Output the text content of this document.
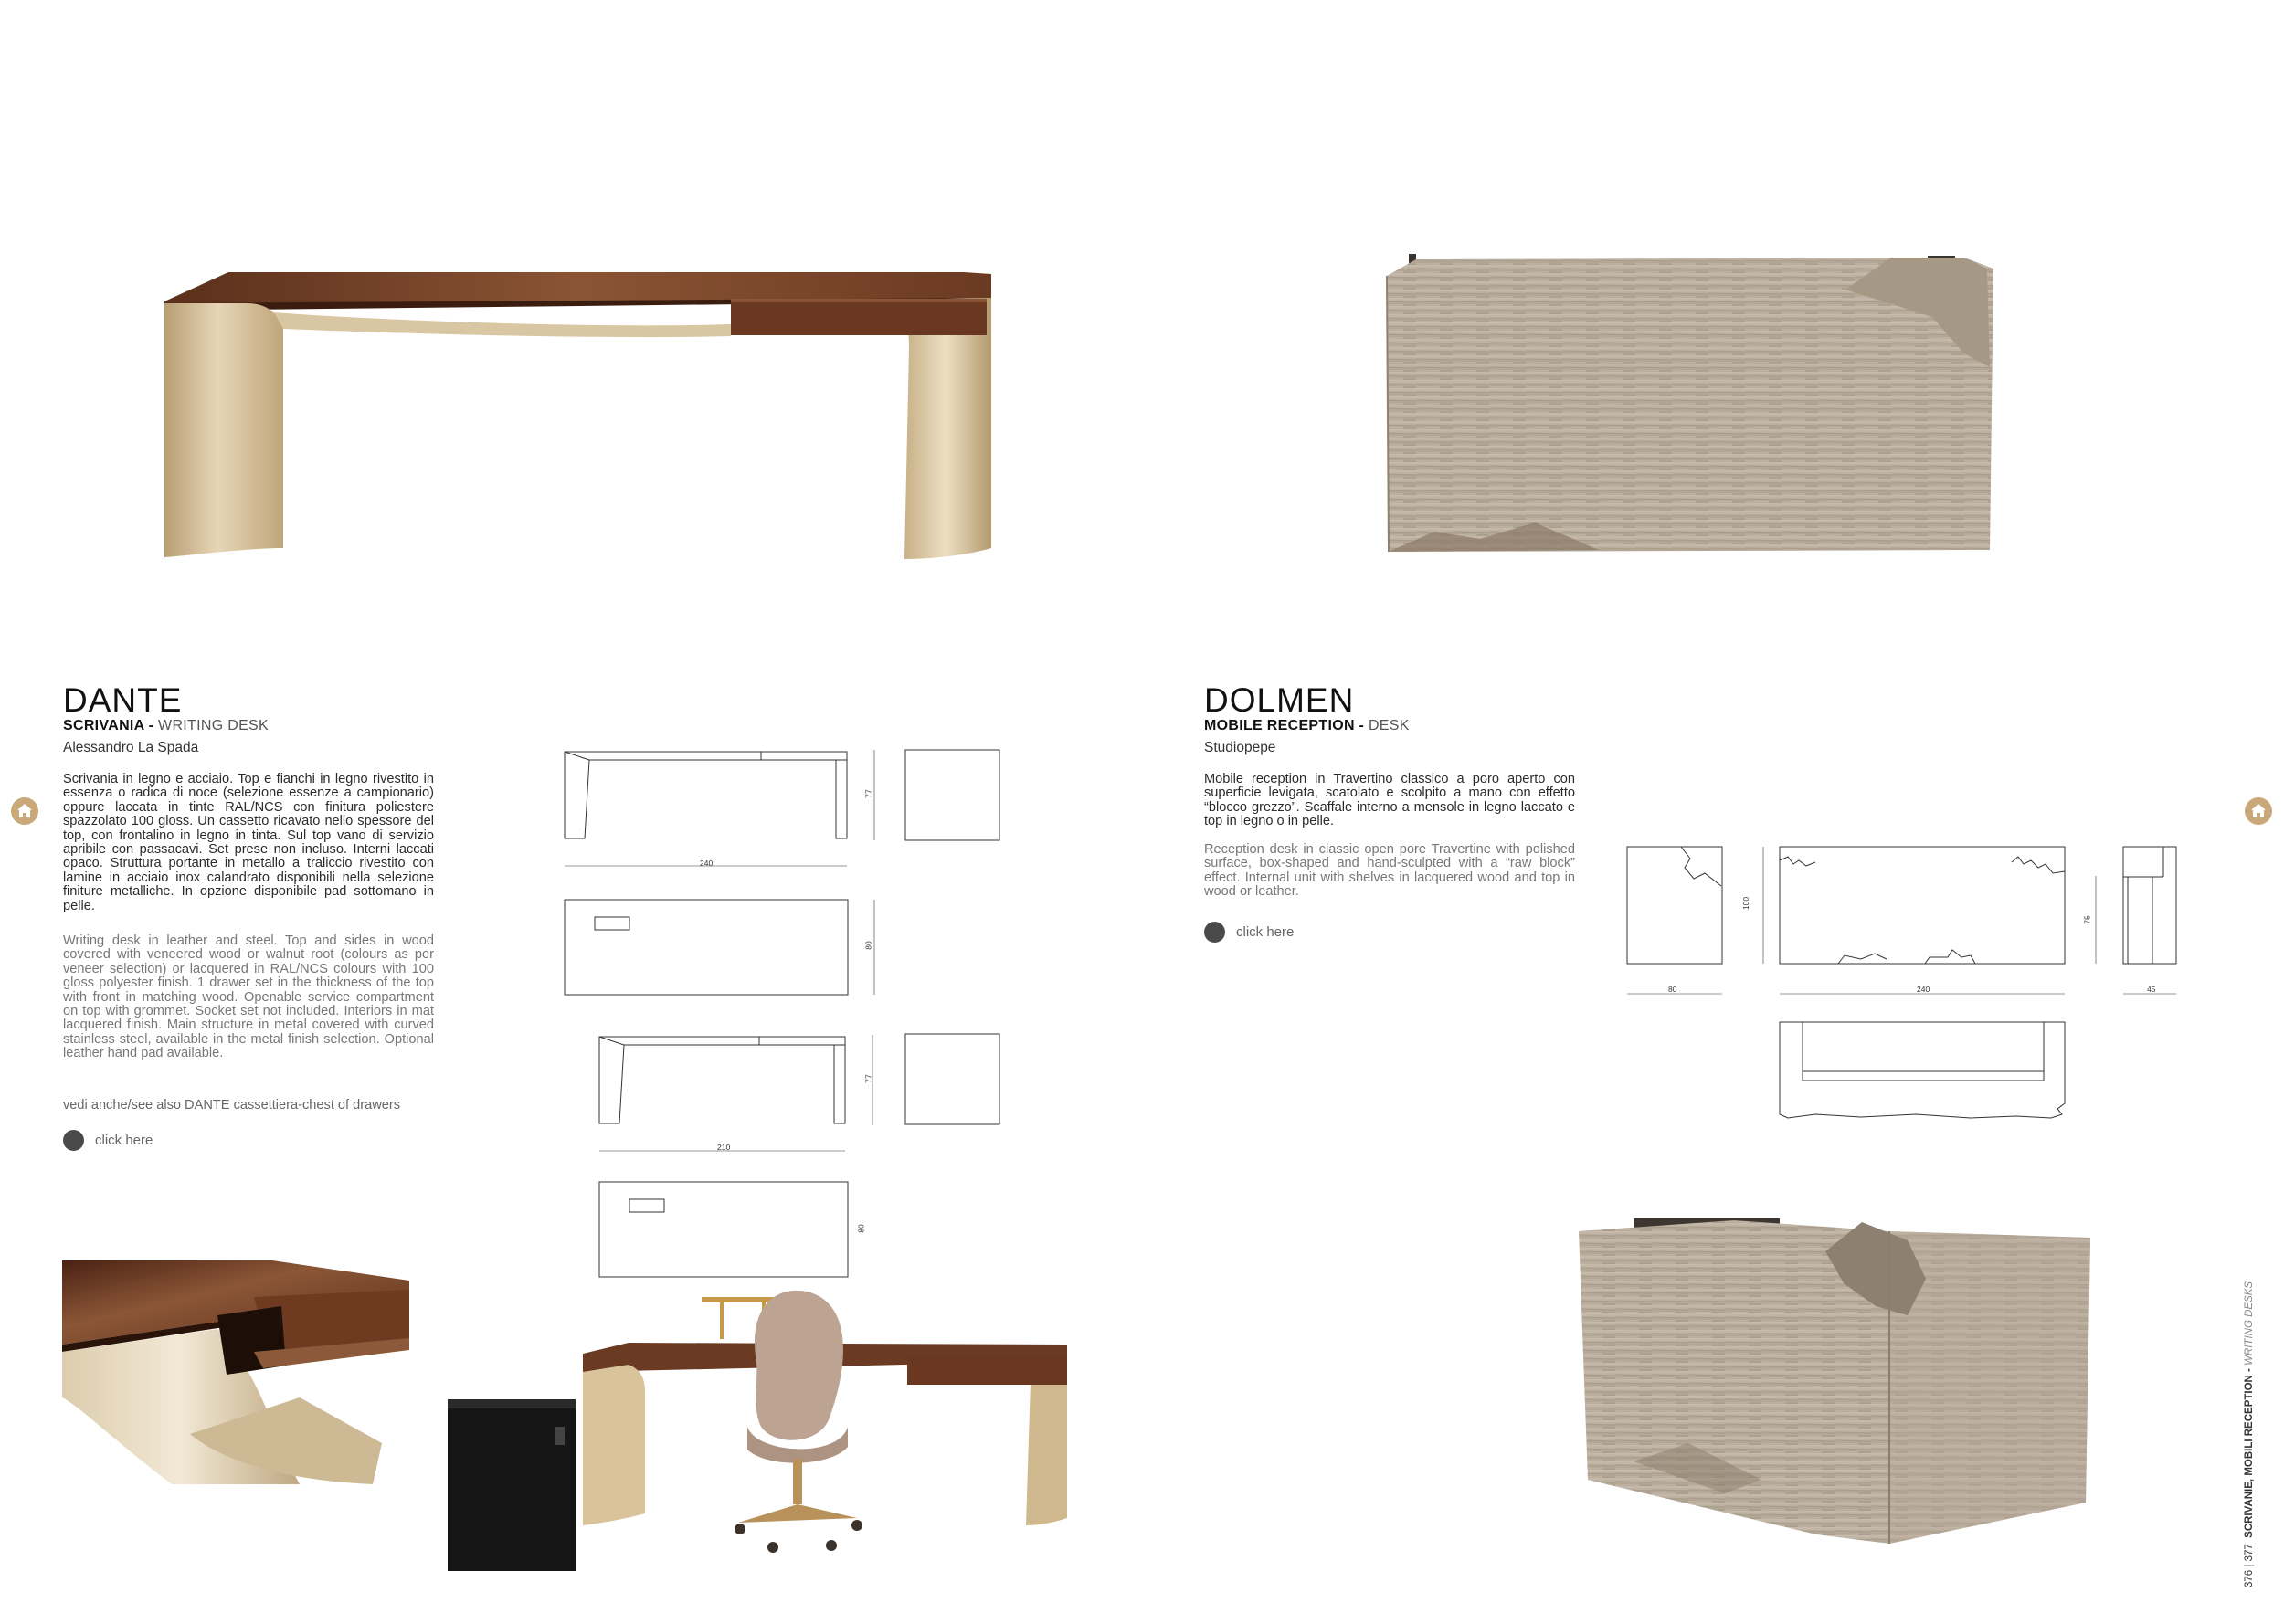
DANTE
SCRIVANIA - WRITING DESK
Alessandro La Spada
Scrivania in legno e acciaio. Top e fianchi in legno rivestito in essenza o radica di noce (selezione essenze a campionario) oppure laccata in tinte RAL/NCS con finitura poliestere spazzolato 100 gloss. Un cassetto ricavato nello spessore del top, con frontalino in legno in tinta. Sul top vano di servizio apribile con passacavi. Set prese non incluso. Interni laccati opaco. Struttura portante in metallo a traliccio rivestito con lamine in acciaio inox calandrato disponibili nella selezione finiture metalliche. In opzione disponibile pad sottomano in pelle.
Writing desk in leather and steel. Top and sides in wood covered with veneered wood or walnut root (colours as per veneer selection) or lacquered in RAL/NCS colours with 100 gloss polyester finish. 1 drawer set in the thickness of the top with front in matching wood. Openable service compartment on top with grommet. Socket set not included. Interiors in mat lacquered finish. Main structure in metal covered with curved stainless steel, available in the metal finish selection. Optional leather hand pad available.
vedi anche/see also DANTE cassettiera-chest of drawers
click here
77
240
80
77
210
80
DOLMEN
MOBILE RECEPTION - DESK
Studiopepe
Mobile reception in Travertino classico a poro aperto con superficie levigata, scatolato e scolpito a mano con effetto “blocco grezzo”. Scaffale interno a mensole in legno laccato e top in legno o in pelle.
Reception desk in classic open pore Travertine with polished surface, box-shaped and hand-sculpted with a “raw block” effect. Internal unit with shelves in lacquered wood and top in wood or leather.
click here
80
100
240
75
45
376 | 377  SCRIVANIE, MOBILI RECEPTION - WRITING DESKS
